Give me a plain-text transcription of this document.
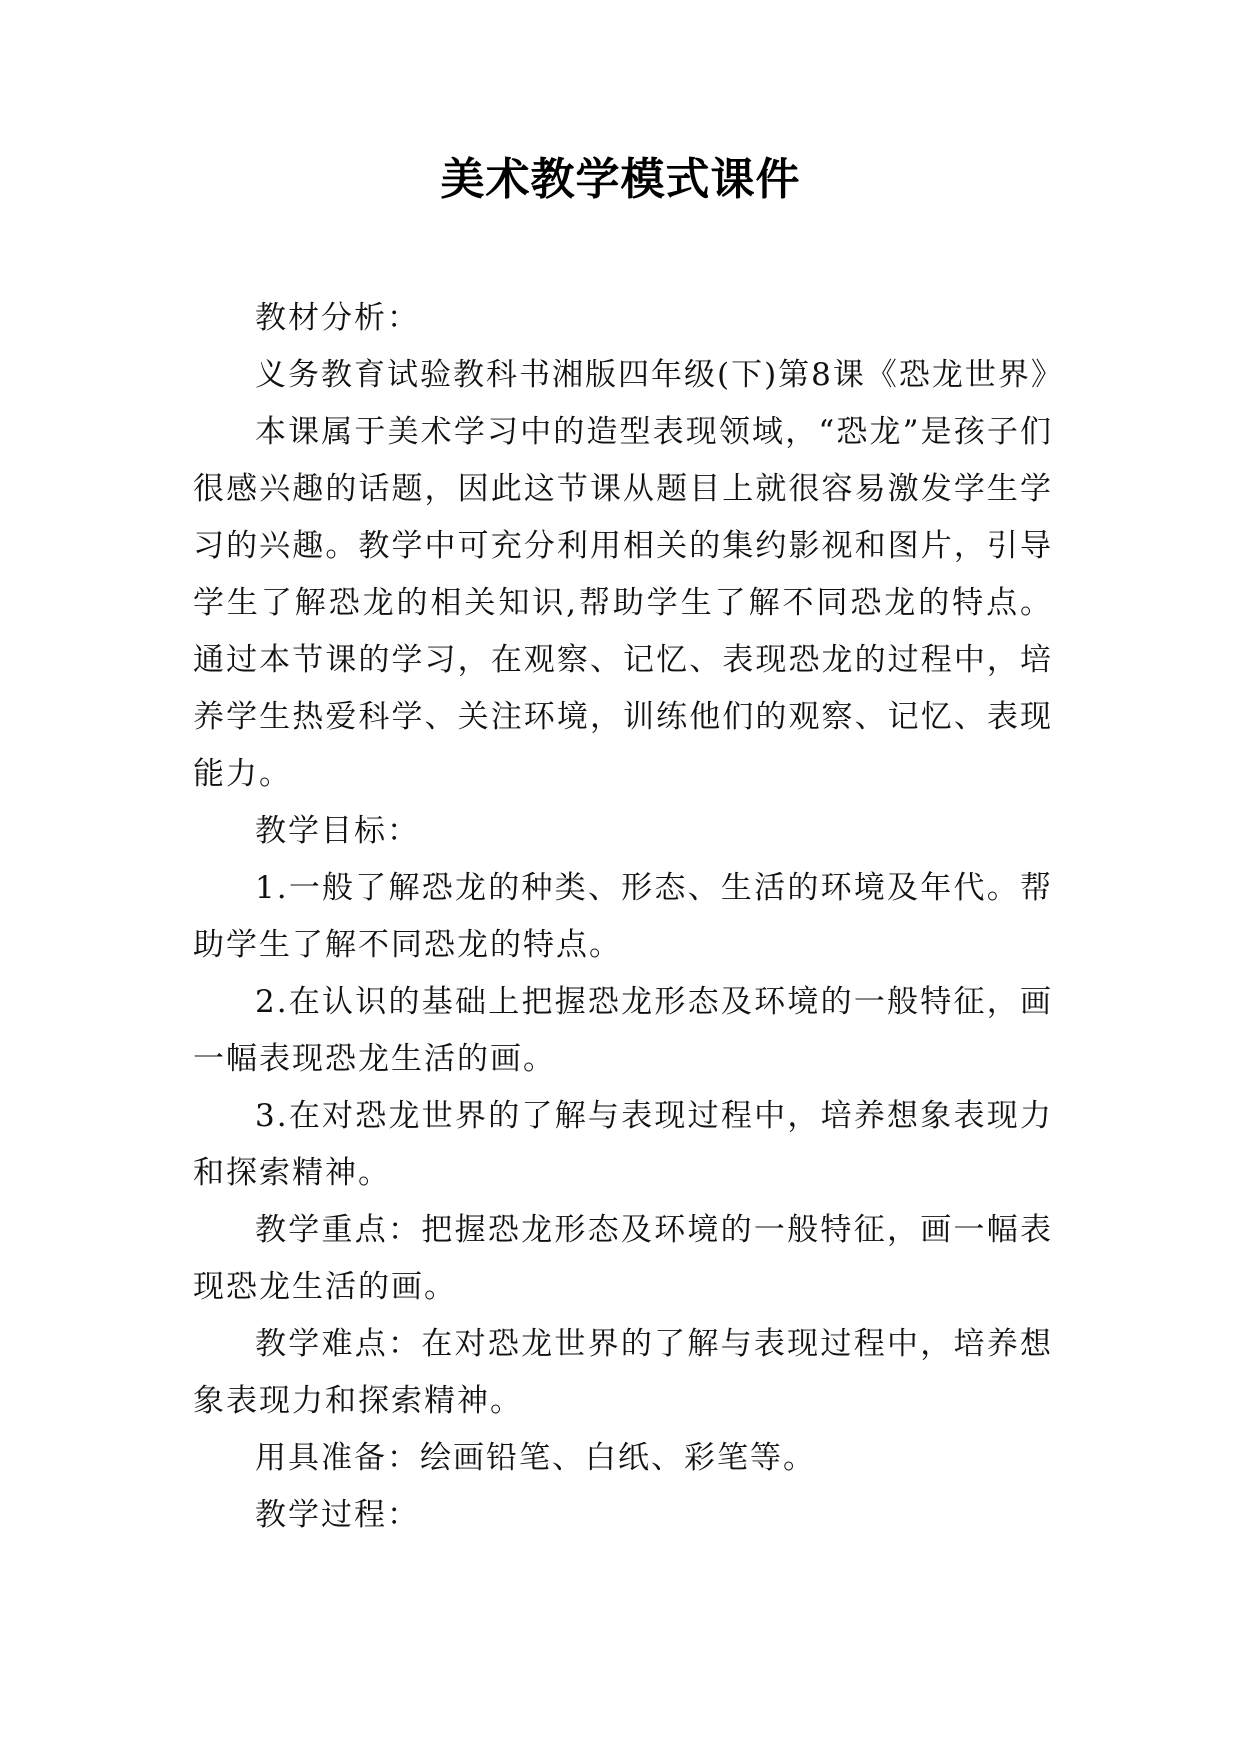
美术教学模式课件

教材分析：

义务教育试验教科书湘版四年级(下)第8课《恐龙世界》

本课属于美术学习中的造型表现领域，“恐龙”是孩子们很感兴趣的话题，因此这节课从题目上就很容易激发学生学习的兴趣。教学中可充分利用相关的集约影视和图片，引导学生了解恐龙的相关知识,帮助学生了解不同恐龙的特点。通过本节课的学习，在观察、记忆、表现恐龙的过程中，培养学生热爱科学、关注环境，训练他们的观察、记忆、表现能力。

教学目标：

1.一般了解恐龙的种类、形态、生活的环境及年代。帮助学生了解不同恐龙的特点。

2.在认识的基础上把握恐龙形态及环境的一般特征，画一幅表现恐龙生活的画。

3.在对恐龙世界的了解与表现过程中，培养想象表现力和探索精神。

教学重点：把握恐龙形态及环境的一般特征，画一幅表现恐龙生活的画。

教学难点：在对恐龙世界的了解与表现过程中，培养想象表现力和探索精神。

用具准备：绘画铅笔、白纸、彩笔等。

教学过程：
